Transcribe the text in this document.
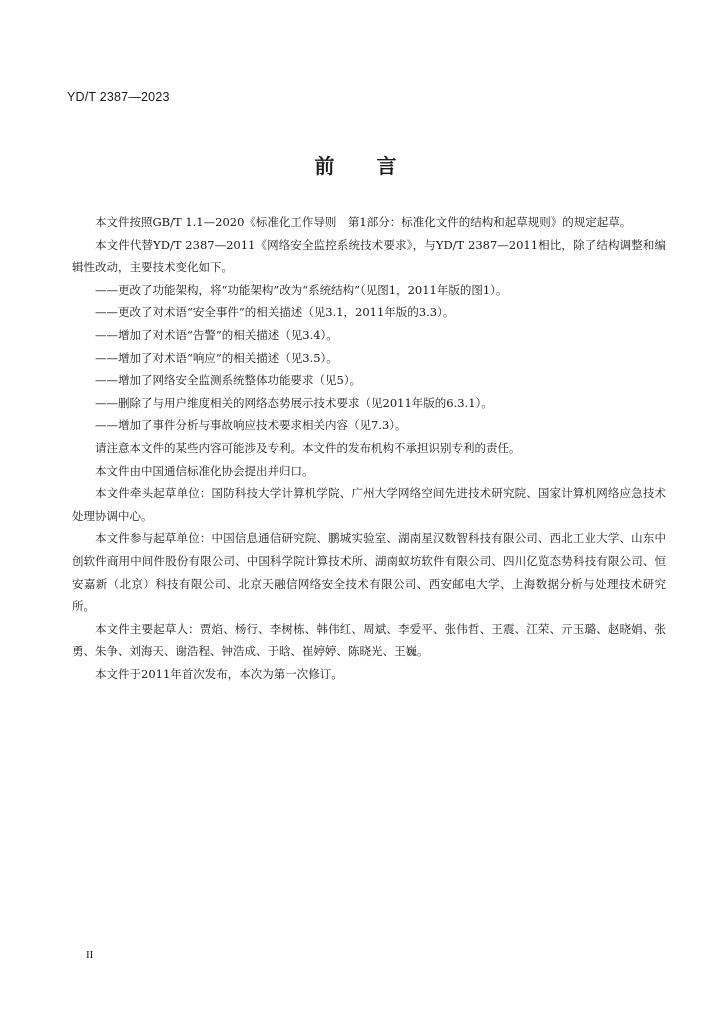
YD/T 2387—2023
前言

本文件按照GB/T 1.1—2020《标准化工作导则　第1部分：标准化文件的结构和起草规则》的规定起草。

本文件代替YD/T 2387—2011《网络安全监控系统技术要求》，与YD/T 2387—2011相比，除了结构调整和编辑性改动，主要技术变化如下。

——更改了功能架构，将“功能架构”改为“系统结构”（见图1，2011年版的图1）。

——更改了对术语“安全事件”的相关描述（见3.1，2011年版的3.3）。

——增加了对术语“告警”的相关描述（见3.4）。

——增加了对术语“响应”的相关描述（见3.5）。

——增加了网络安全监测系统整体功能要求（见5）。

——删除了与用户维度相关的网络态势展示技术要求（见2011年版的6.3.1）。

——增加了事件分析与事故响应技术要求相关内容（见7.3）。

请注意本文件的某些内容可能涉及专利。本文件的发布机构不承担识别专利的责任。

本文件由中国通信标准化协会提出并归口。

本文件牵头起草单位：国防科技大学计算机学院、广州大学网络空间先进技术研究院、国家计算机网络应急技术处理协调中心。

本文件参与起草单位：中国信息通信研究院、鹏城实验室、湖南星汉数智科技有限公司、西北工业大学、山东中创软件商用中间件股份有限公司、中国科学院计算技术所、湖南蚁坊软件有限公司、四川亿览态势科技有限公司、恒安嘉新（北京）科技有限公司、北京天融信网络安全技术有限公司、西安邮电大学、上海数据分析与处理技术研究所。

本文件主要起草人：贾焰、杨行、李树栋、韩伟红、周斌、李爱平、张伟哲、王震、江荣、亓玉璐、赵晓娟、张勇、朱争、刘海天、谢浩程、钟浩成、于晗、崔婷婷、陈晓光、王巍。

本文件于2011年首次发布，本次为第一次修订。

II
